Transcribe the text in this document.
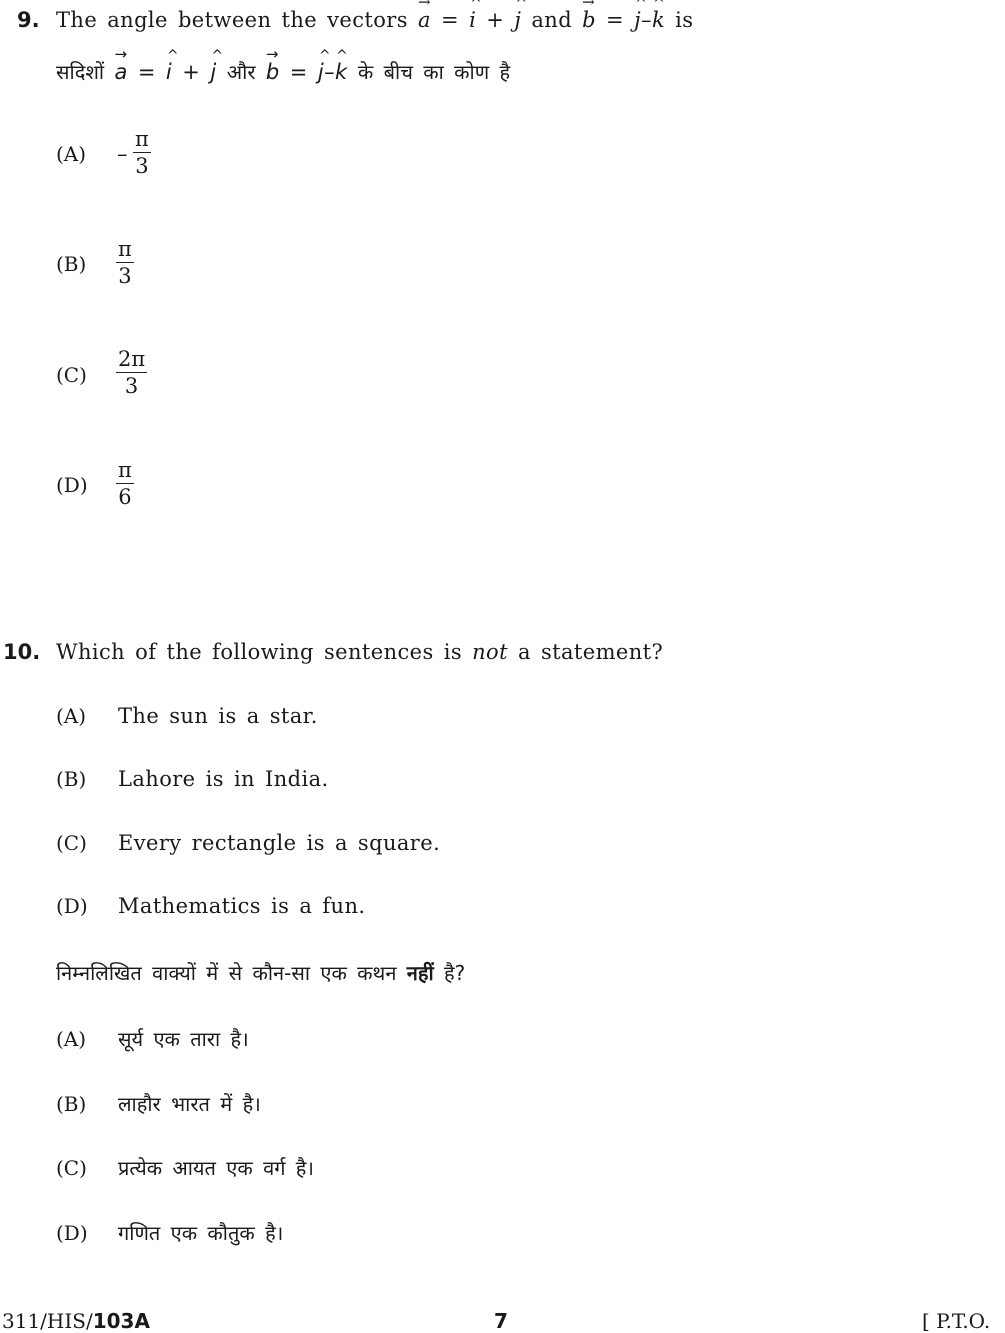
9. The angle between the vectors → a = ^ i + ^ j and → b = ^ j–^ k is
सदिशों → a = ^ i + ^ j और → b = ^ j–^ k के बीच का कोण है
$(A) - \frac{\pi}{3}$
$(B) \frac{\pi}{3}$
$(C) \frac{2\pi}{3}$
$(D) \frac{\pi}{6}$
10. Which of the following sentences is not a statement?
(A) The sun is a star.
(B) Lahore is in India.
(C) Every rectangle is a square.
(D) Mathematics is a fun.
निम्नलिखित वाक्यों में से कौन-सा एक कथन नहीं है?
(A) सूर्य एक तारा है।
(B) लाहौर भारत में है।
(C) प्रत्येक आयत एक वर्ग है।
(D) गणित एक कौतुक है।
311/HIS/103A	7	[ P.T.O.
